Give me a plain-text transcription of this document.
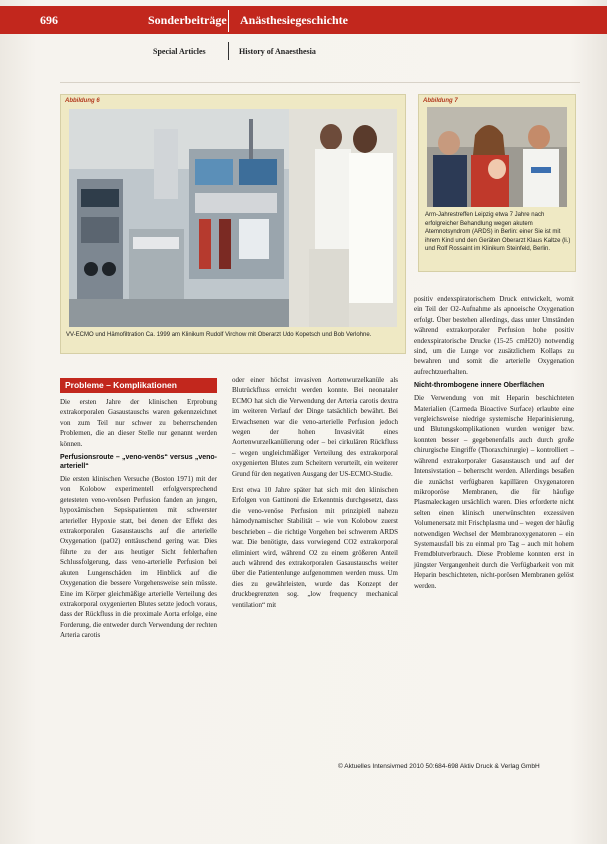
696	Sonderbeiträge Anästhesiegeschichte
Special Articles	History of Anaesthesia
Abbildung 6
VV-ECMO und Hämofiltration Ca. 1999 am Klinikum Rudolf Virchow mit Oberarzt Udo Kopetsch und Bob Verlohne.
Abbildung 7
Arm-Jahrestreffen Leipzig etwa 7 Jahre nach erfolgreicher Behandlung wegen akutem Atemnotsyndrom (ARDS) in Berlin: einer Sie ist mit ihrem Kind und den Geräten Oberarzt Klaus Kaltze (li.) und Rolf Rossaint im Klinikum Steinfeld, Berlin.
Probleme – Komplikationen

Die ersten Jahre der klinischen Erprobung extrakorporalen Gasaustauschs waren gekennzeichnet von zum Teil nur schwer zu beherrschenden Problemen, die an dieser Stelle nur genannt werden können.

Perfusionsroute – „veno-venös“ versus „veno-arteriell“

Die ersten klinischen Versuche (Boston 1971) mit der von Kolobow experimentell erfolgversprechend getesteten veno-venösen Perfusion fanden an jungen, hypoxämischen Sepsispatienten mit schwerster arterieller Hypoxie statt, bei denen der Effekt des extrakorporalen Gasaustauschs auf die arterielle Oxygenation (paO2) enttäuschend gering war. Dies führte zu der aus heutiger Sicht fehlerhaften Schlussfolgerung, dass veno-arterielle Perfusion bei akuten Lungenschäden im Hinblick auf die Oxygenation die bessere Vorgehensweise sein müsste. Eine im Körper gleichmäßige arterielle Verteilung des extrakorporal oxygenierten Blutes setzte jedoch voraus, dass der Rückfluss in die proximale Aorta erfolge, eine Forderung, die entweder durch Verwendung der rechten Arteria carotis

oder einer höchst invasiven Aortenwurzelkanüle als Blutrückfluss erreicht werden konnte. Bei neonataler ECMO hat sich die Verwendung der Arteria carotis dextra im weiteren Verlauf der Dinge tatsächlich bewährt. Bei Erwachsenen war die veno-arterielle Perfusion jedoch wegen der hohen Invasivität eines Aortenwurzelkanülierung oder – bei cirkulären Rückfluss – wegen ungleichmäßiger Verteilung des extrakorporal oxygenierten Blutes zum Scheitern verurteilt, ein weiterer Grund für den negativen Ausgang der US-ECMO-Studie.

Erst etwa 10 Jahre später hat sich mit den klinischen Erfolgen von Gattinoni die Erkenntnis durchgesetzt, dass die veno-venöse Perfusion mit prinzipiell nahezu hämodynamischer Stabilität – wie von Kolobow zuerst beschrieben – die richtige Vorgehen bei schwerem ARDS war. Die benötigte, dass vorwiegend CO2 extrakorporal eliminiert wird, während O2 zu einem größeren Anteil auch während des extrakorporalen Gasaustauschs weiter über die Patientenlunge aufgenommen werden muss. Um dies zu gewährleisten, wurde das Konzept der druckbegrenzten sog. „low frequency mechanical ventilation“ mit

positiv endexspiratorischem Druck entwickelt, womit ein Teil der O2-Aufnahme als apnoeische Oxygenation erfolgt. Über bestehen allerdings, dass unter Umständen während extrakorporaler Perfusion hohe positiv endexspiratorische Drucke (15-25 cmH2O) notwendig sind, um die Lunge vor zusätzlichem Kollaps zu bewahren und somit die arterielle Oxygenation aufrechtzuerhalten.

Nicht-thrombogene innere Oberflächen

Die Verwendung von mit Heparin beschichteten Materialien (Carmeda Bioactive Surface) erlaubte eine vergleichsweise niedrige systemische Heparinisierung, und Blutungskomplikationen wurden weniger bzw. konnten besser – gegebenenfalls auch durch große chirurgische Eingriffe (Thoraxchirurgie) – kontrolliert – während extrakorporaler Gasaustausch und auf der Intensivstation – beherrscht werden. Allerdings besaßen die zunächst verfügbaren kapillären Oxygenatoren mikroporöse Membranen, die für häufige Plasmaleckagen ursächlich waren. Dies erforderte nicht selten einen klinisch unerwünschten exzessiven Volumenersatz mit Frischplasma und – wegen der häufig notwendigen Wechsel der Membranoxygenatoren – ein Systemausfall bis zu einmal pro Tag – auch mit hohem Fremdblutverbrauch. Diese Probleme konnten erst in jüngster Vergangenheit durch die Verfügbarkeit von mit Heparin beschichteten, nicht-porösen Membranen gelöst werden.

© Aktuelles Intensivmed 2010 50:684-698 Aktiv Druck & Verlag GmbH
